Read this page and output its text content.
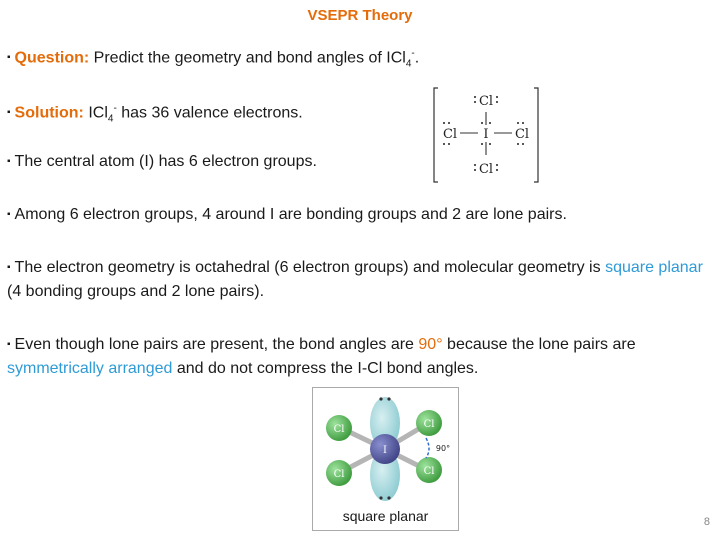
VSEPR Theory
▪ Question: Predict the geometry and bond angles of ICl$_4$-.
▪ Solution: ICl$_4$- has 36 valence electrons.
▪ The central atom (I) has 6 electron groups.
▪ Among 6 electron groups, 4 around I are bonding groups and 2 are lone pairs.
▪ The electron geometry is octahedral (6 electron groups) and molecular geometry is square planar (4 bonding groups and 2 lone pairs).
▪ Even though lone pairs are present, the bond angles are 90° because the lone pairs are symmetrically arranged and do not compress the I-Cl bond angles.
Cl
I
Cl
Cl	Cl
Cl	Cl
Cl	Cl
I	90°
square planar	8
